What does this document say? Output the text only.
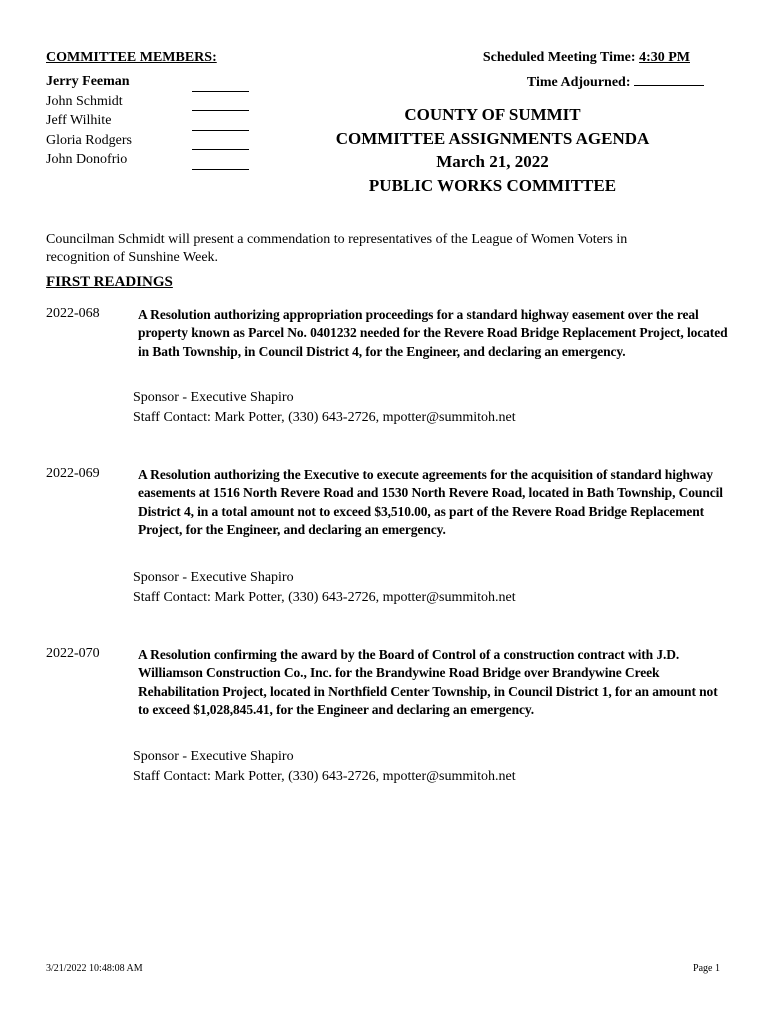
COMMITTEE MEMBERS:
Jerry Feeman
John Schmidt
Jeff Wilhite
Gloria Rodgers
John Donofrio
Scheduled Meeting Time: 4:30 PM
Time Adjourned:
COUNTY OF SUMMIT
COMMITTEE ASSIGNMENTS AGENDA
March 21, 2022
PUBLIC WORKS COMMITTEE
Councilman Schmidt will present a commendation to representatives of the League of Women Voters in recognition of Sunshine Week.
FIRST READINGS
2022-068	A Resolution authorizing appropriation proceedings for a standard highway easement over the real property known as Parcel No. 0401232 needed for the Revere Road Bridge Replacement Project, located in Bath Township, in Council District 4, for the Engineer, and declaring an emergency.
Sponsor - Executive Shapiro
Staff Contact: Mark Potter, (330) 643-2726, mpotter@summitoh.net
2022-069	A Resolution authorizing the Executive to execute agreements for the acquisition of standard highway easements at 1516 North Revere Road and 1530 North Revere Road, located in Bath Township, Council District 4, in a total amount not to exceed $3,510.00, as part of the Revere Road Bridge Replacement Project, for the Engineer, and declaring an emergency.
Sponsor - Executive Shapiro
Staff Contact: Mark Potter, (330) 643-2726, mpotter@summitoh.net
2022-070	A Resolution confirming the award by the Board of Control of a construction contract with J.D. Williamson Construction Co., Inc. for the Brandywine Road Bridge over Brandywine Creek Rehabilitation Project, located in Northfield Center Township, in Council District 1, for an amount not to exceed $1,028,845.41, for the Engineer and declaring an emergency.
Sponsor - Executive Shapiro
Staff Contact: Mark Potter, (330) 643-2726, mpotter@summitoh.net
3/21/2022 10:48:08 AM	Page 1
